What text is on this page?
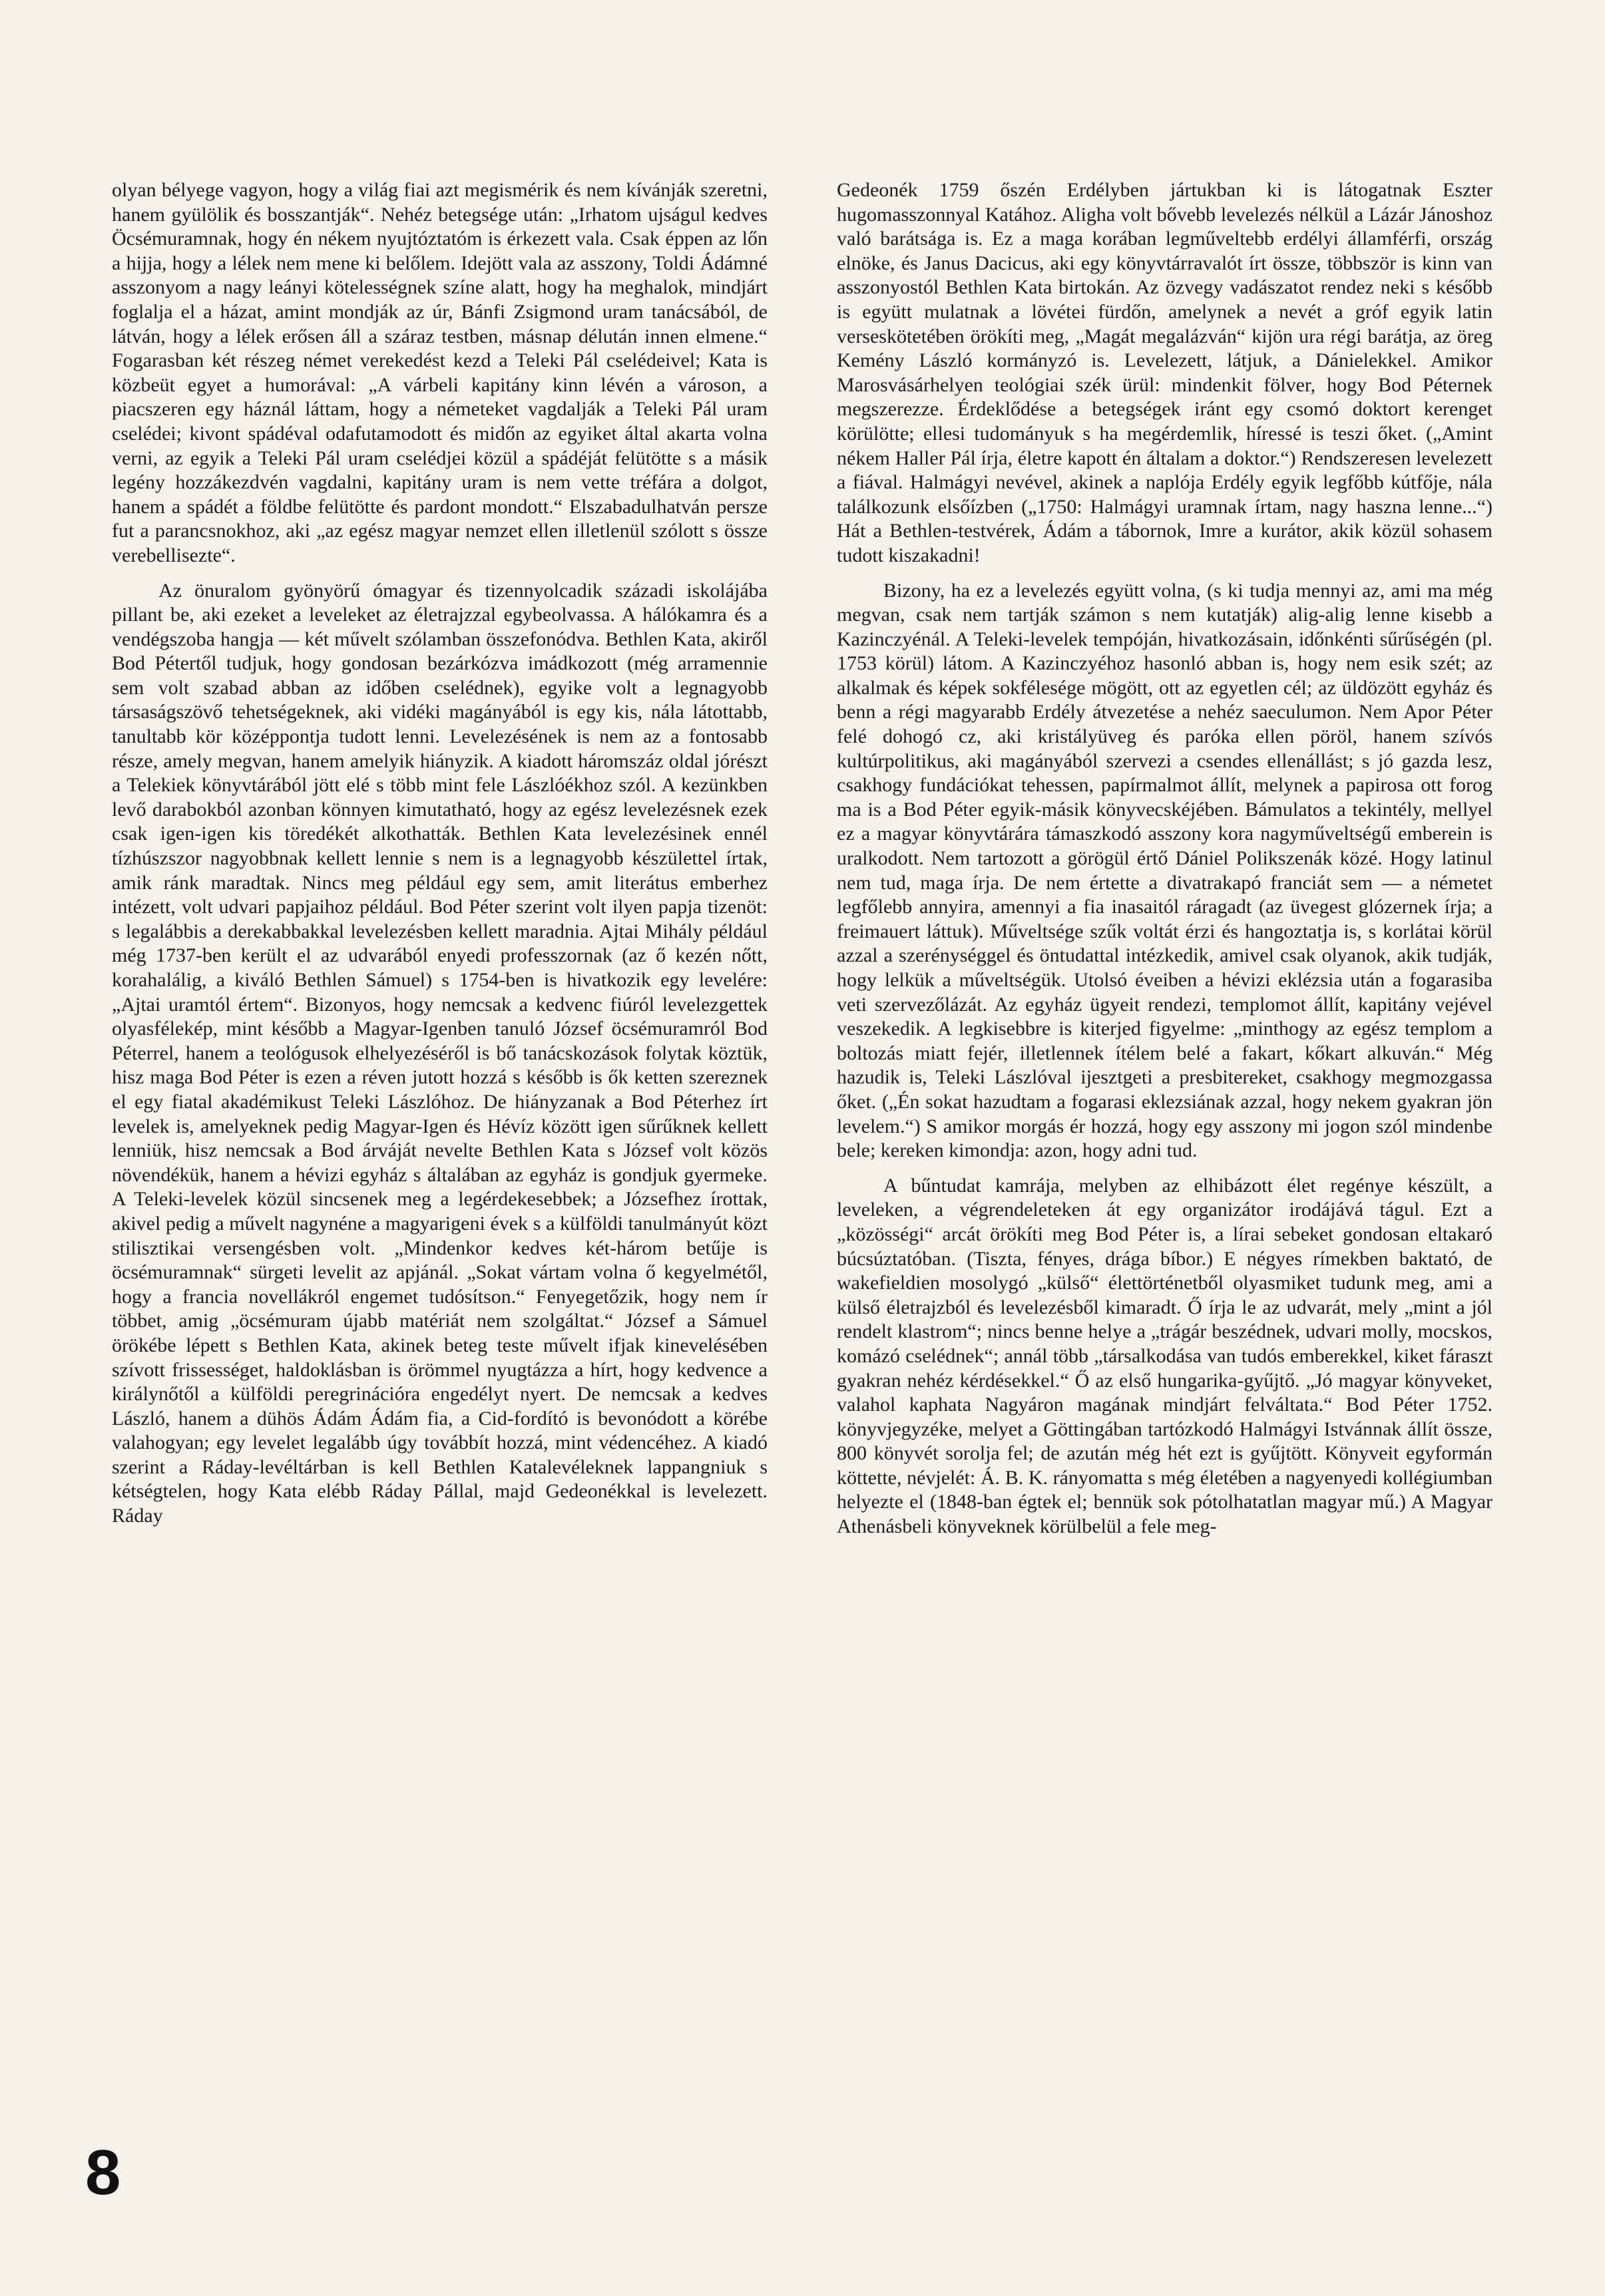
olyan bélyege vagyon, hogy a világ fiai azt megismérik és nem kívánják szeretni, hanem gyülölik és bosszantják“. Nehéz betegsége után: „Irhatom ujságul kedves Öcsémuramnak, hogy én nékem nyujtóztatóm is érkezett vala. Csak éppen az lőn a hijja, hogy a lélek nem mene ki belőlem. Idejött vala az asszony, Toldi Ádámné asszonyom a nagy leányi kötelességnek színe alatt, hogy ha meghalok, mindjárt foglalja el a házat, amint mondják az úr, Bánfi Zsigmond uram tanácsából, de látván, hogy a lélek erősen áll a száraz testben, másnap délután innen elmene.“ Fogarasban két részeg német verekedést kezd a Teleki Pál cselédeivel; Kata is közbeüt egyet a humorával: „A várbeli kapitány kinn lévén a városon, a piacszeren egy háznál láttam, hogy a németeket vagdalják a Teleki Pál uram cselédei; kivont spádéval odafutamodott és midőn az egyiket által akarta volna verni, az egyik a Teleki Pál uram cselédjei közül a spádéját felütötte s a másik legény hozzákezdvén vagdalni, kapitány uram is nem vette tréfára a dolgot, hanem a spádét a földbe felütötte és pardont mondott.“ Elszabadulhatván persze fut a parancsnokhoz, aki „az egész magyar nemzet ellen illetlenül szólott s össze verebellisezte“.

Az önuralom gyönyörű ómagyar és tizennyolcadik századi iskolájába pillant be, aki ezeket a leveleket az életrajzzal egybeolvassa. A hálókamra és a vendégszoba hangja — két művelt szólamban összefonódva. Bethlen Kata, akiről Bod Pétertől tudjuk, hogy gondosan bezárkózva imádkozott (még arramennie sem volt szabad abban az időben cselédnek), egyike volt a legnagyobb társaságszövő tehetségeknek, aki vidéki magányából is egy kis, nála látottabb, tanultabb kör középpontja tudott lenni. Levelezésének is nem az a fontosabb része, amely megvan, hanem amelyik hiányzik. A kiadott háromszáz oldal jórészt a Telekiek könyvtárából jött elé s több mint fele Lászlóékhoz szól. A kezünkben levő darabokból azonban könnyen kimutatható, hogy az egész levelezésnek ezek csak igen-igen kis töredékét alkothatták. Bethlen Kata levelezésinek ennél tízhúszszor nagyobbnak kellett lennie s nem is a legnagyobb készülettel írtak, amik ránk maradtak. Nincs meg például egy sem, amit literátus emberhez intézett, volt udvari papjaihoz például. Bod Péter szerint volt ilyen papja tizenöt: s legalábbis a derekabbakkal levelezésben kellett maradnia. Ajtai Mihály például még 1737-ben került el az udvarából enyedi professzornak (az ő kezén nőtt, korahalálig, a kiváló Bethlen Sámuel) s 1754-ben is hivatkozik egy levelére: „Ajtai uramtól értem“. Bizonyos, hogy nemcsak a kedvenc fiúról levelezgettek olyasfélekép, mint később a Magyar-Igenben tanuló József öcsémuramról Bod Péterrel, hanem a teológusok elhelyezéséről is bő tanácskozások folytak köztük, hisz maga Bod Péter is ezen a réven jutott hozzá s később is ők ketten szereznek el egy fiatal akadémikust Teleki Lászlóhoz. De hiányzanak a Bod Péterhez írt levelek is, amelyeknek pedig Magyar-Igen és Hévíz között igen sűrűknek kellett lenniük, hisz nemcsak a Bod árváját nevelte Bethlen Kata s József volt közös növendékük, hanem a hévizi egyház s általában az egyház is gondjuk gyermeke. A Teleki-levelek közül sincsenek meg a legérdekesebbek; a Józsefhez írottak, akivel pedig a művelt nagynéne a magyarigeni évek s a külföldi tanulmányút közt stilisztikai versengésben volt. „Mindenkor kedves két-három betűje is öcsémuramnak“ sürgeti levelit az apjánál. „Sokat vártam volna ő kegyelmétől, hogy a francia novellákról engemet tudósítson.“ Fenyegetőzik, hogy nem ír többet, amig „öcsémuram újabb matériát nem szolgáltat.“ József a Sámuel örökébe lépett s Bethlen Kata, akinek beteg teste művelt ifjak kinevelésében szívott frissességet, haldoklásban is örömmel nyugtázza a hírt, hogy kedvence a királynőtől a külföldi peregrinációra engedélyt nyert. De nemcsak a kedves László, hanem a dühös Ádám Ádám fia, a Cid-fordító is bevonódott a körébe valahogyan; egy levelet legalább úgy továbbít hozzá, mint védencéhez. A kiadó szerint a Ráday-levéltárban is kell Bethlen Katalevéleknek lappangniuk s kétségtelen, hogy Kata elébb Ráday Pállal, majd Gedeonékkal is levelezett. Ráday

Gedeonék 1759 őszén Erdélyben jártukban ki is látogatnak Eszter hugomasszonnyal Katához. Aligha volt bővebb levelezés nélkül a Lázár Jánoshoz való barátsága is. Ez a maga korában legműveltebb erdélyi államférfi, ország elnöke, és Janus Dacicus, aki egy könyvtárravalót írt össze, többször is kinn van asszonyostól Bethlen Kata birtokán. Az özvegy vadászatot rendez neki s később is együtt mulatnak a lövétei fürdőn, amelynek a nevét a gróf egyik latin verseskötetében örökíti meg, „Magát megalázván“ kijön ura régi barátja, az öreg Kemény László kormányzó is. Levelezett, látjuk, a Dánielekkel. Amikor Marosvásárhelyen teológiai szék ürül: mindenkit fölver, hogy Bod Péternek megszerezze. Érdeklődése a betegségek iránt egy csomó doktort kerenget körülötte; ellesi tudományuk s ha megérdemlik, híressé is teszi őket. („Amint nékem Haller Pál írja, életre kapott én általam a doktor.“) Rendszeresen levelezett a fiával. Halmágyi nevével, akinek a naplója Erdély egyik legfőbb kútfője, nála találkozunk elsőízben („1750: Halmágyi uramnak írtam, nagy haszna lenne...“) Hát a Bethlen-testvérek, Ádám a tábornok, Imre a kurátor, akik közül sohasem tudott kiszakadni!

Bizony, ha ez a levelezés együtt volna, (s ki tudja mennyi az, ami ma még megvan, csak nem tartják számon s nem kutatják) alig-alig lenne kisebb a Kazinczyénál. A Teleki-levelek tempóján, hivatkozásain, időnkénti sűrűségén (pl. 1753 körül) látom. A Kazinczyéhoz hasonló abban is, hogy nem esik szét; az alkalmak és képek sokfélesége mögött, ott az egyetlen cél; az üldözött egyház és benn a régi magyarabb Erdély átvezetése a nehéz saeculumon. Nem Apor Péter felé dohogó cz, aki kristályüveg és paróka ellen pöröl, hanem szívós kultúrpolitikus, aki magányából szervezi a csendes ellenállást; s jó gazda lesz, csakhogy fundációkat tehessen, papírmalmot állít, melynek a papirosa ott forog ma is a Bod Péter egyik-másik könyvecskéjében. Bámulatos a tekintély, mellyel ez a magyar könyvtárára támaszkodó asszony kora nagyműveltségű emberein is uralkodott. Nem tartozott a görögül értő Dániel Polikszenák közé. Hogy latinul nem tud, maga írja. De nem értette a divatrakapó franciát sem — a németet legfőlebb annyira, amennyi a fia inasaitól ráragadt (az üvegest glózernek írja; a freimauert láttuk). Műveltsége szűk voltát érzi és hangoztatja is, s korlátai körül azzal a szerénységgel és öntudattal intézkedik, amivel csak olyanok, akik tudják, hogy lelkük a műveltségük. Utolsó éveiben a hévizi eklézsia után a fogarasiba veti szervezőlázát. Az egyház ügyeit rendezi, templomot állít, kapitány vejével veszekedik. A legkisebbre is kiterjed figyelme: „minthogy az egész templom a boltozás miatt fejér, illetlennek ítélem belé a fakart, kőkart alkuván.“ Még hazudik is, Teleki Lászlóval ijesztgeti a presbitereket, csakhogy megmozgassa őket. („Én sokat hazudtam a fogarasi eklezsiának azzal, hogy nekem gyakran jön levelem.“) S amikor morgás ér hozzá, hogy egy asszony mi jogon szól mindenbe bele; kereken kimondja: azon, hogy adni tud.

A bűntudat kamrája, melyben az elhibázott élet regénye készült, a leveleken, a végrendeleteken át egy organizátor irodájává tágul. Ezt a „közösségi“ arcát örökíti meg Bod Péter is, a lírai sebeket gondosan eltakaró búcsúztatóban. (Tiszta, fényes, drága bíbor.) E négyes rímekben baktató, de wakefieldien mosolygó „külső“ élettörténetből olyasmiket tudunk meg, ami a külső életrajzból és levelezésből kimaradt. Ő írja le az udvarát, mely „mint a jól rendelt klastrom“; nincs benne helye a „trágár beszédnek, udvari molly, mocskos, komázó cselédnek“; annál több „társalkodása van tudós emberekkel, kiket fáraszt gyakran nehéz kérdésekkel.“ Ő az első hungarika-gyűjtő. „Jó magyar könyveket, valahol kaphata Nagyáron magának mindjárt felváltata.“ Bod Péter 1752. könyvjegyzéke, melyet a Göttingában tartózkodó Halmágyi Istvánnak állít össze, 800 könyvét sorolja fel; de azután még hét ezt is gyűjtött. Könyveit egyformán köttette, névjelét: Á. B. K. rányomatta s még életében a nagyenyedi kollégiumban helyezte el (1848-ban égtek el; bennük sok pótolhatatlan magyar mű.) A Magyar Athenásbeli könyveknek körülbelül a fele meg-

8
